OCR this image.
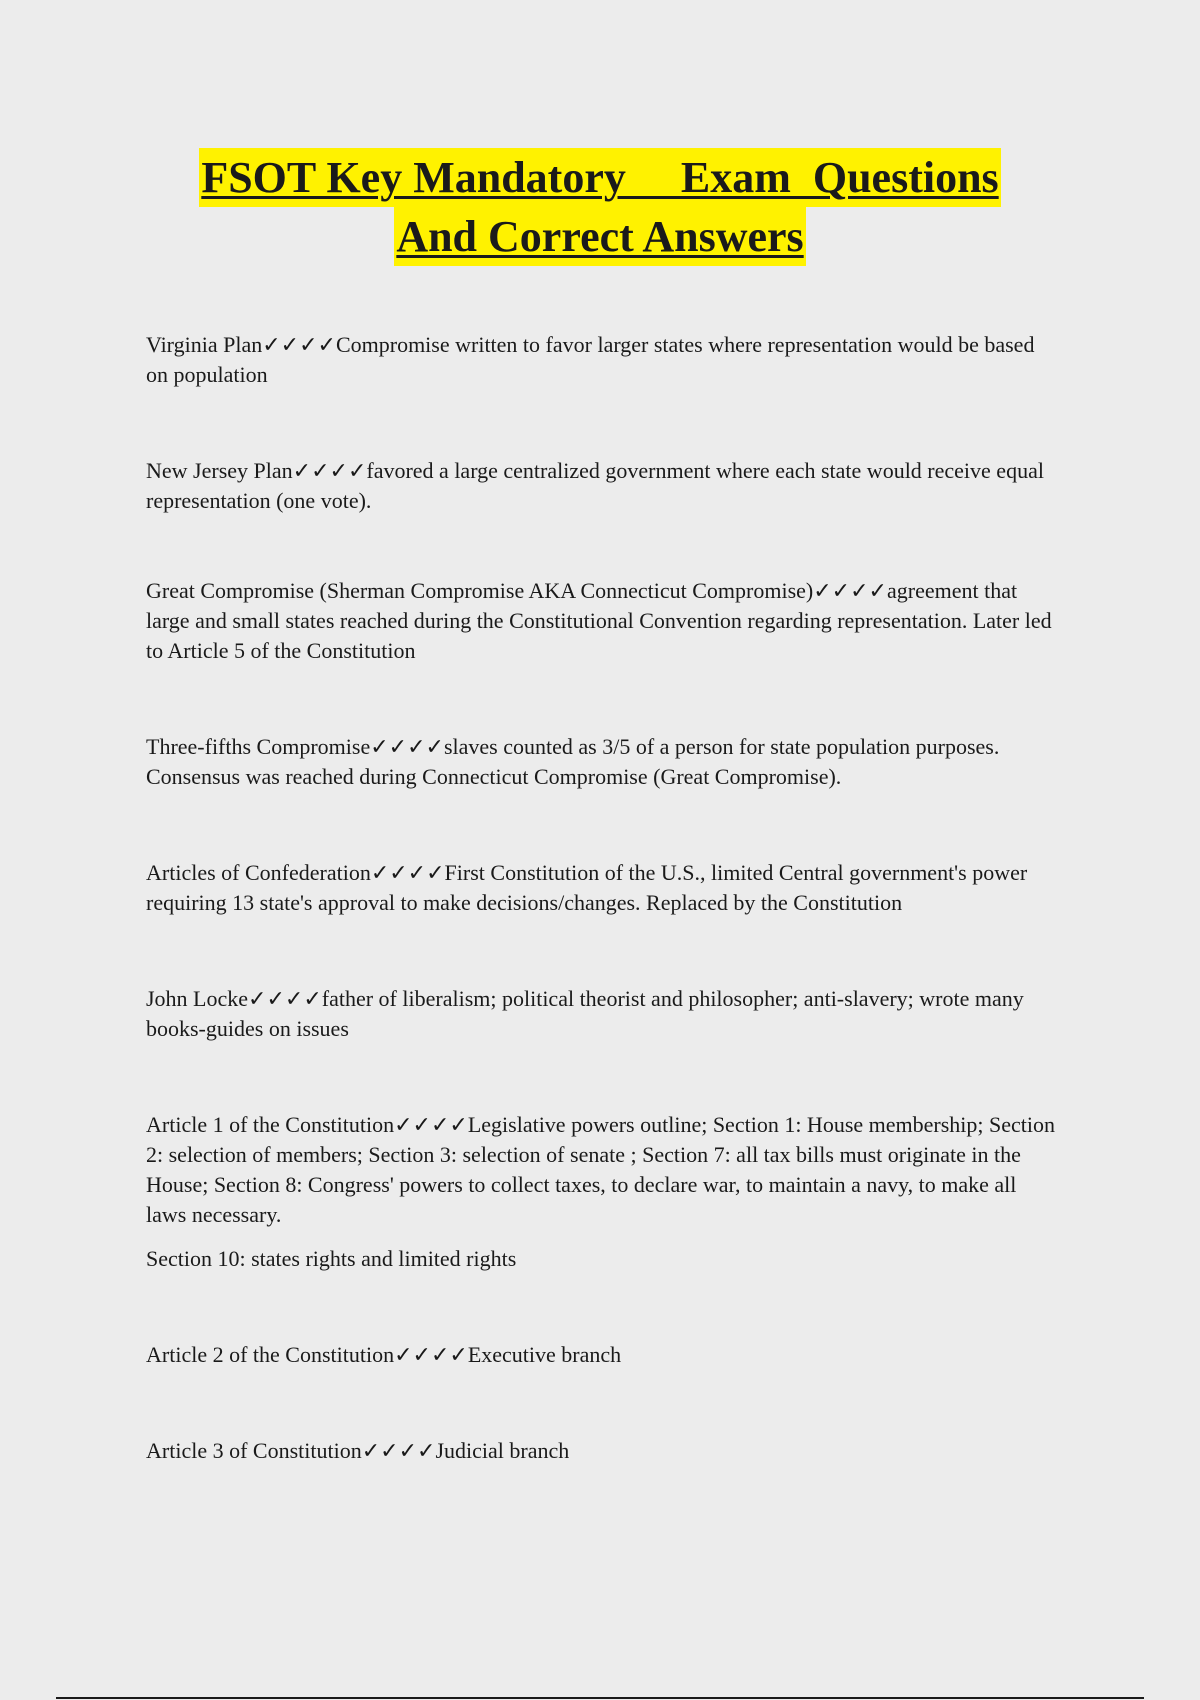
FSOT Key Mandatory     Exam  Questions
And Correct Answers

Virginia Plan✓✓✓✓Compromise written to favor larger states where representation would be based on population

New Jersey Plan✓✓✓✓favored a large centralized government where each state would receive equal representation (one vote).

Great Compromise (Sherman Compromise AKA Connecticut Compromise)✓✓✓✓agreement that large and small states reached during the Constitutional Convention regarding representation. Later led to Article 5 of the Constitution

Three-fifths Compromise✓✓✓✓slaves counted as 3/5 of a person for state population purposes. Consensus was reached during Connecticut Compromise (Great Compromise).

Articles of Confederation✓✓✓✓First Constitution of the U.S., limited Central government's power requiring 13 state's approval to make decisions/changes. Replaced by the Constitution

John Locke✓✓✓✓father of liberalism; political theorist and philosopher; anti-slavery; wrote many books-guides on issues

Article 1 of the Constitution✓✓✓✓Legislative powers outline; Section 1: House membership; Section 2: selection of members; Section 3: selection of senate ; Section 7: all tax bills must originate in the House; Section 8: Congress' powers to collect taxes, to declare war, to maintain a navy, to make all laws necessary.
Section 10: states rights and limited rights

Article 2 of the Constitution✓✓✓✓Executive branch

Article 3 of Constitution✓✓✓✓Judicial branch
